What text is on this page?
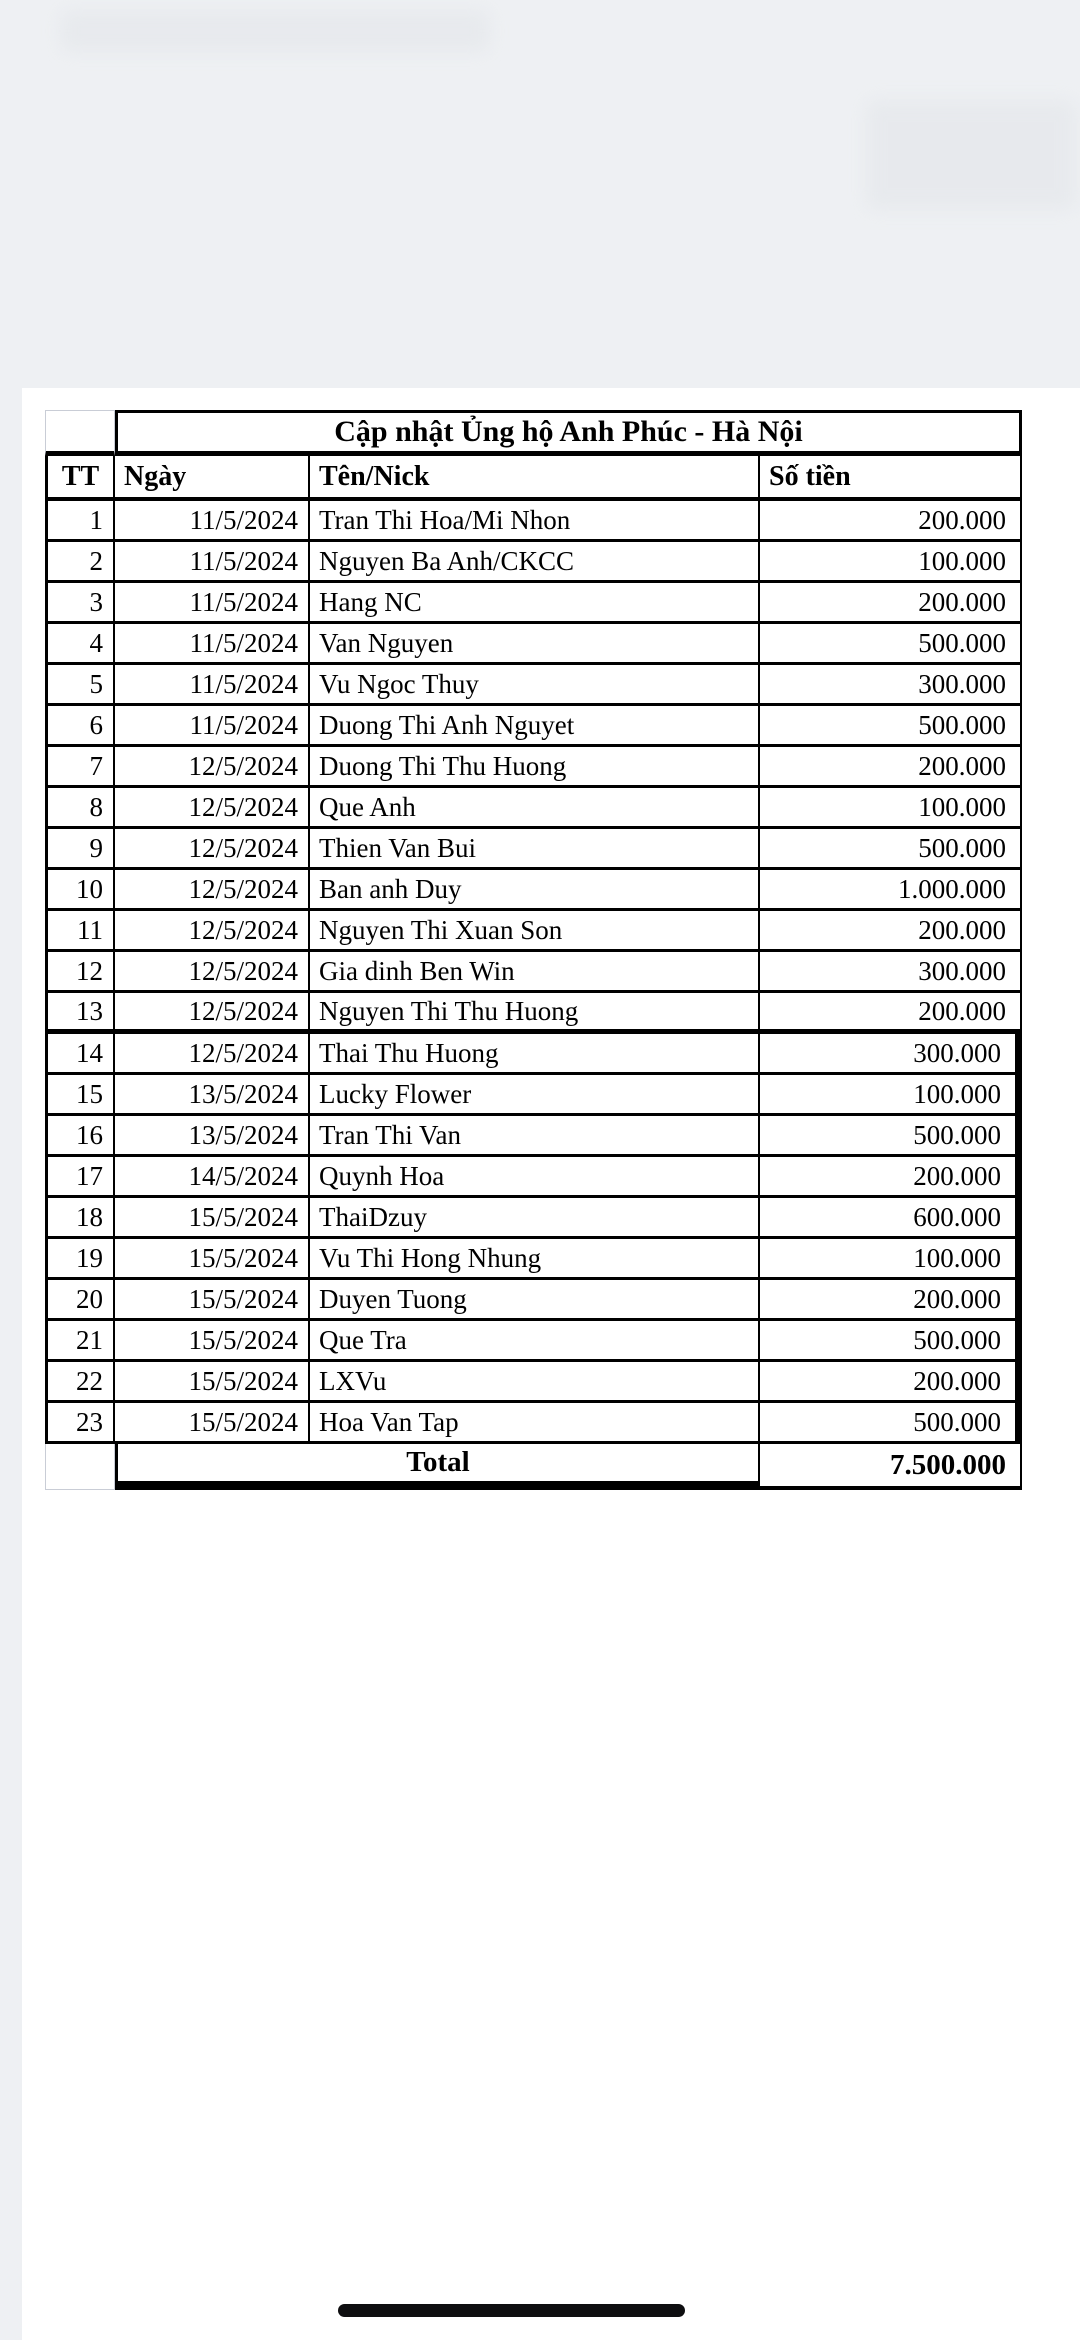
Cập nhật Ủng hộ Anh Phúc - Hà Nội
TT Ngày	Tên/Nick	Số tiền
1	11/5/2024 Tran Thi Hoa/Mi Nhon	200.000
2	11/5/2024 Nguyen Ba Anh/CKCC	100.000
3	11/5/2024 Hang NC	200.000
4	11/5/2024 Van Nguyen	500.000
5	11/5/2024 Vu Ngoc Thuy	300.000
6	11/5/2024 Duong Thi Anh Nguyet	500.000
7	12/5/2024 Duong Thi Thu Huong	200.000
8	12/5/2024 Que Anh	100.000
9	12/5/2024 Thien Van Bui	500.000
10	12/5/2024 Ban anh Duy	1.000.000
11	12/5/2024 Nguyen Thi Xuan Son	200.000
12	12/5/2024 Gia dinh Ben Win	300.000
13	12/5/2024 Nguyen Thi Thu Huong	200.000
14	12/5/2024 Thai Thu Huong	300.000
15	13/5/2024 Lucky Flower	100.000
16	13/5/2024 Tran Thi Van	500.000
17	14/5/2024 Quynh Hoa	200.000
18	15/5/2024 ThaiDzuy	600.000
19	15/5/2024 Vu Thi Hong Nhung	100.000
20	15/5/2024 Duyen Tuong	200.000
21	15/5/2024 Que Tra	500.000
22	15/5/2024 LXVu	200.000
23	15/5/2024 Hoa Van Tap	500.000
Total	7.500.000
